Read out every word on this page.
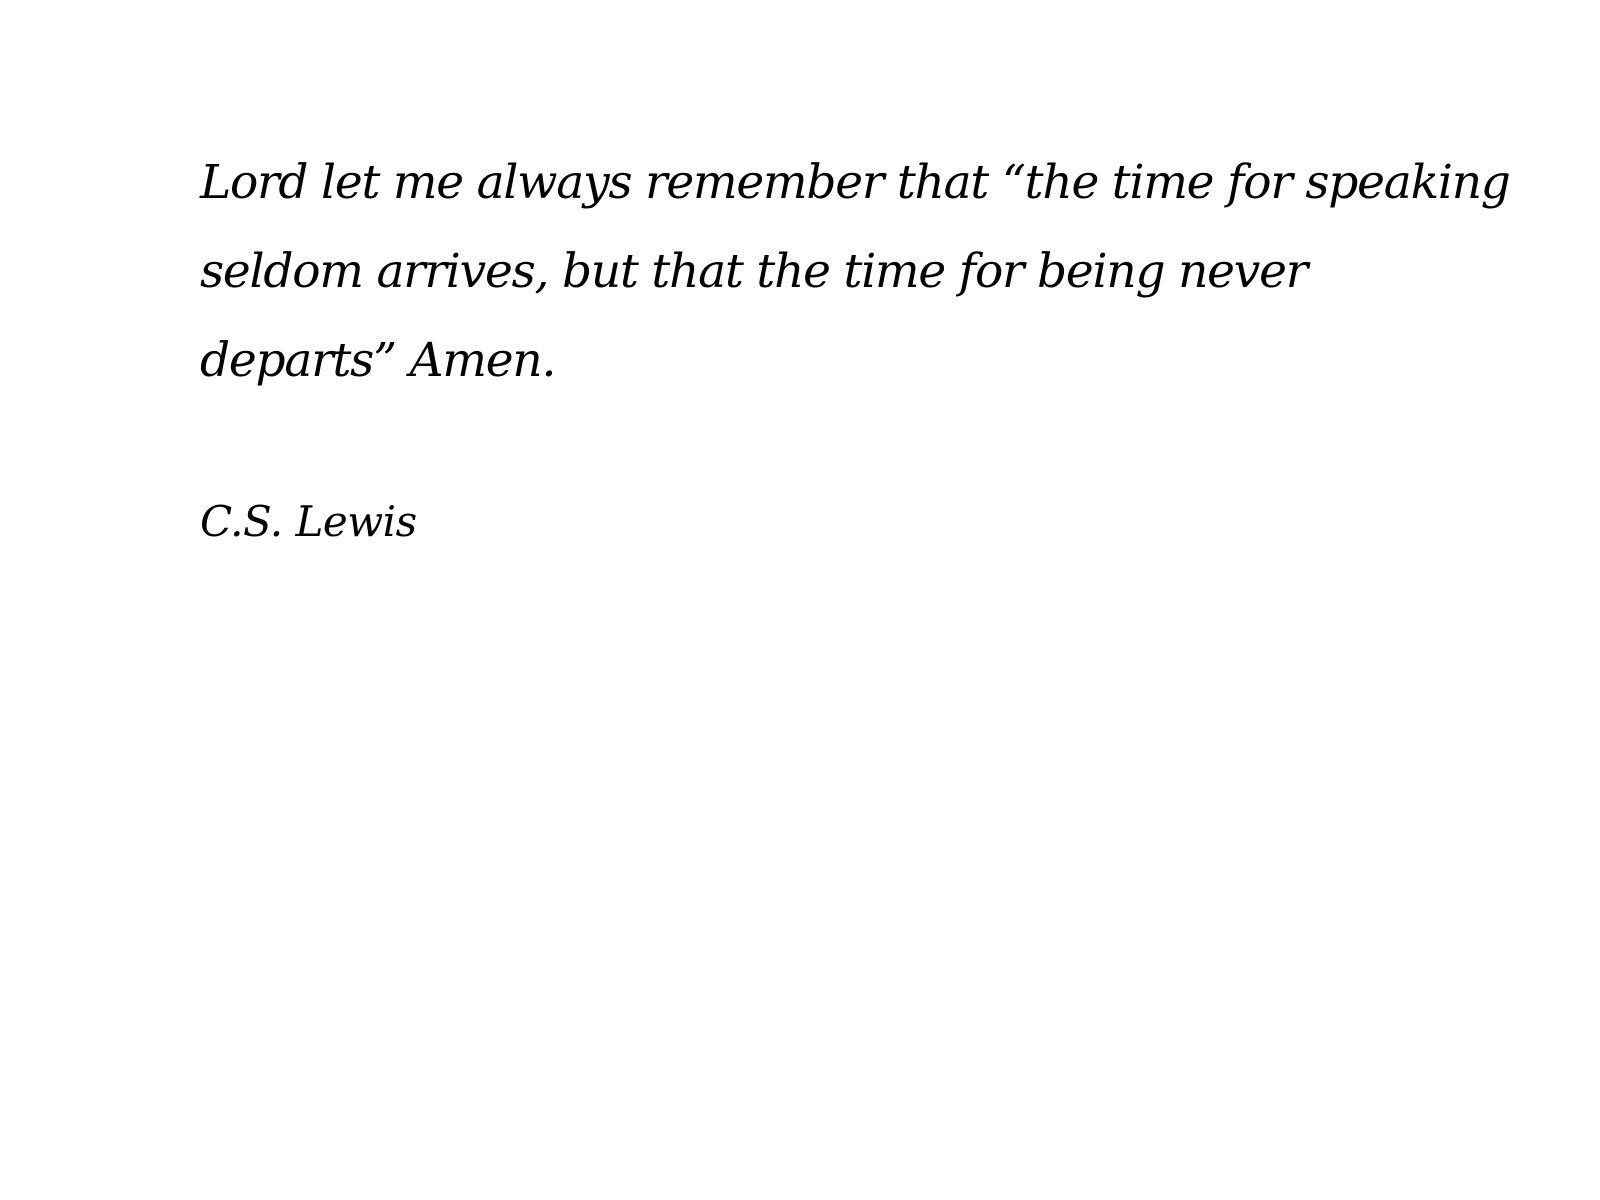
Lord let me always remember that “the time for speaking
seldom arrives, but that the time for being never
departs” Amen.
C.S. Lewis
